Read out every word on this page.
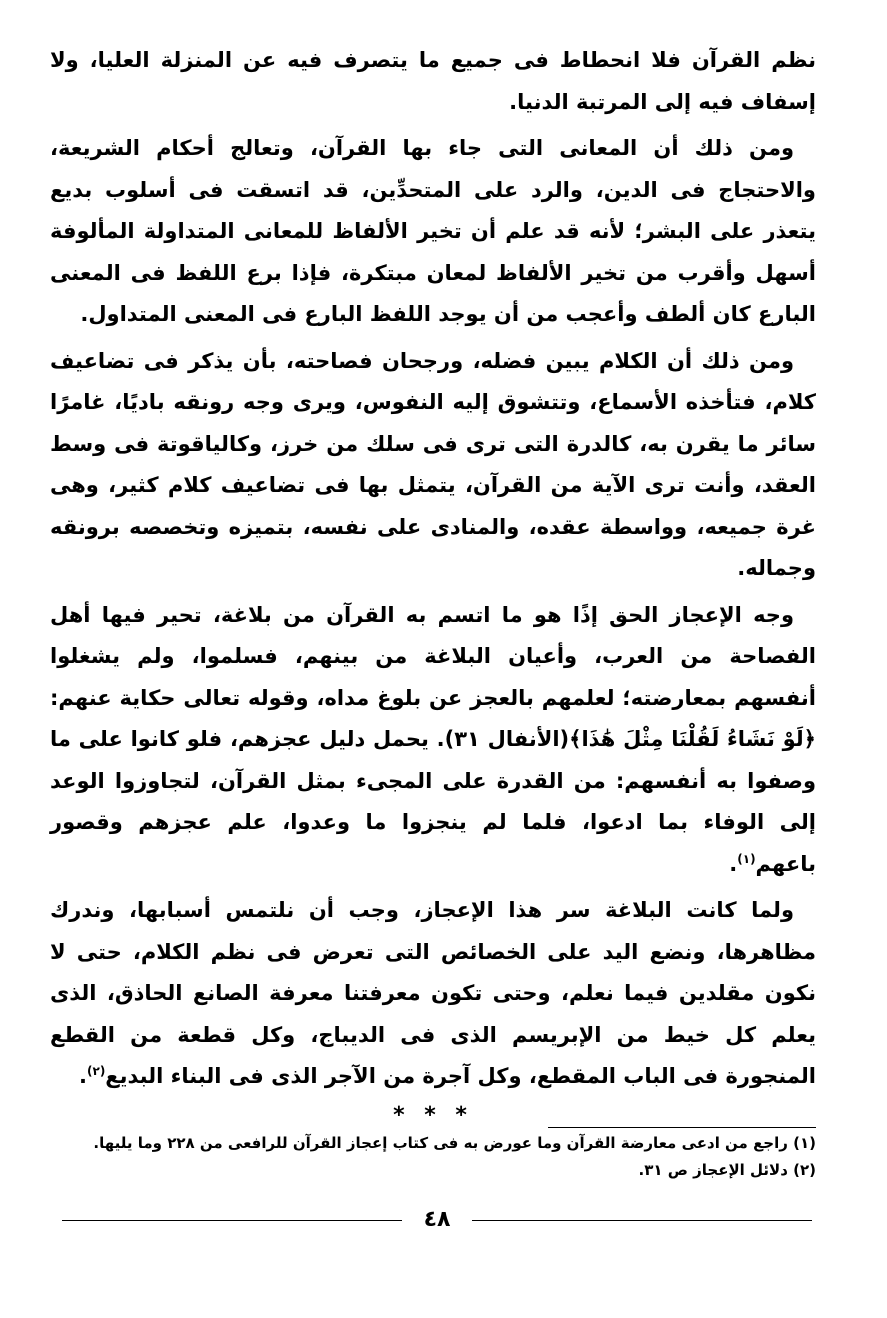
نظم القرآن فلا انحطاط فى جميع ما يتصرف فيه عن المنزلة العليا، ولا إسفاف فيه إلى المرتبة الدنيا.

ومن ذلك أن المعانى التى جاء بها القرآن، وتعالج أحكام الشريعة، والاحتجاج فى الدين، والرد على المتحدِّين، قد اتسقت فى أسلوب بديع يتعذر على البشر؛ لأنه قد علم أن تخير الألفاظ للمعانى المتداولة المألوفة أسهل وأقرب من تخير الألفاظ لمعان مبتكرة، فإذا برع اللفظ فى المعنى البارع كان ألطف وأعجب من أن يوجد اللفظ البارع فى المعنى المتداول.

ومن ذلك أن الكلام يبين فضله، ورجحان فصاحته، بأن يذكر فى تضاعيف كلام، فتأخذه الأسماع، وتتشوق إليه النفوس، ويرى وجه رونقه باديًا، غامرًا سائر ما يقرن به، كالدرة التى ترى فى سلك من خرز، وكالياقوتة فى وسط العقد، وأنت ترى الآية من القرآن، يتمثل بها فى تضاعيف كلام كثير، وهى غرة جميعه، وواسطة عقده، والمنادى على نفسه، بتميزه وتخصصه برونقه وجماله.

وجه الإعجاز الحق إذًا هو ما اتسم به القرآن من بلاغة، تحير فيها أهل الفصاحة من العرب، وأعيان البلاغة من بينهم، فسلموا، ولم يشغلوا أنفسهم بمعارضته؛ لعلمهم بالعجز عن بلوغ مداه، وقوله تعالى حكاية عنهم: ﴿لَوْ نَشَاءُ لَقُلْنَا مِثْلَ هَٰذَا﴾(الأنفال ٣١). يحمل دليل عجزهم، فلو كانوا على ما وصفوا به أنفسهم: من القدرة على المجىء بمثل القرآن، لتجاوزوا الوعد إلى الوفاء بما ادعوا، فلما لم ينجزوا ما وعدوا، علم عجزهم وقصور باعهم$^{(١)}$.

ولما كانت البلاغة سر هذا الإعجاز، وجب أن نلتمس أسبابها، وندرك مظاهرها، ونضع اليد على الخصائص التى تعرض فى نظم الكلام، حتى لا نكون مقلدين فيما نعلم، وحتى تكون معرفتنا معرفة الصانع الحاذق، الذى يعلم كل خيط من الإبريسم الذى فى الديباج، وكل قطعة من القطع المنجورة فى الباب المقطع، وكل آجرة من الآجر الذى فى البناء البديع$^{(٢)}$.

* * *

(١) راجع من ادعى معارضة القرآن وما عورض به فى كتاب إعجاز القرآن للرافعى من ٢٢٨ وما يليها.

(٢) دلائل الإعجاز ص ٣١.

٤٨
